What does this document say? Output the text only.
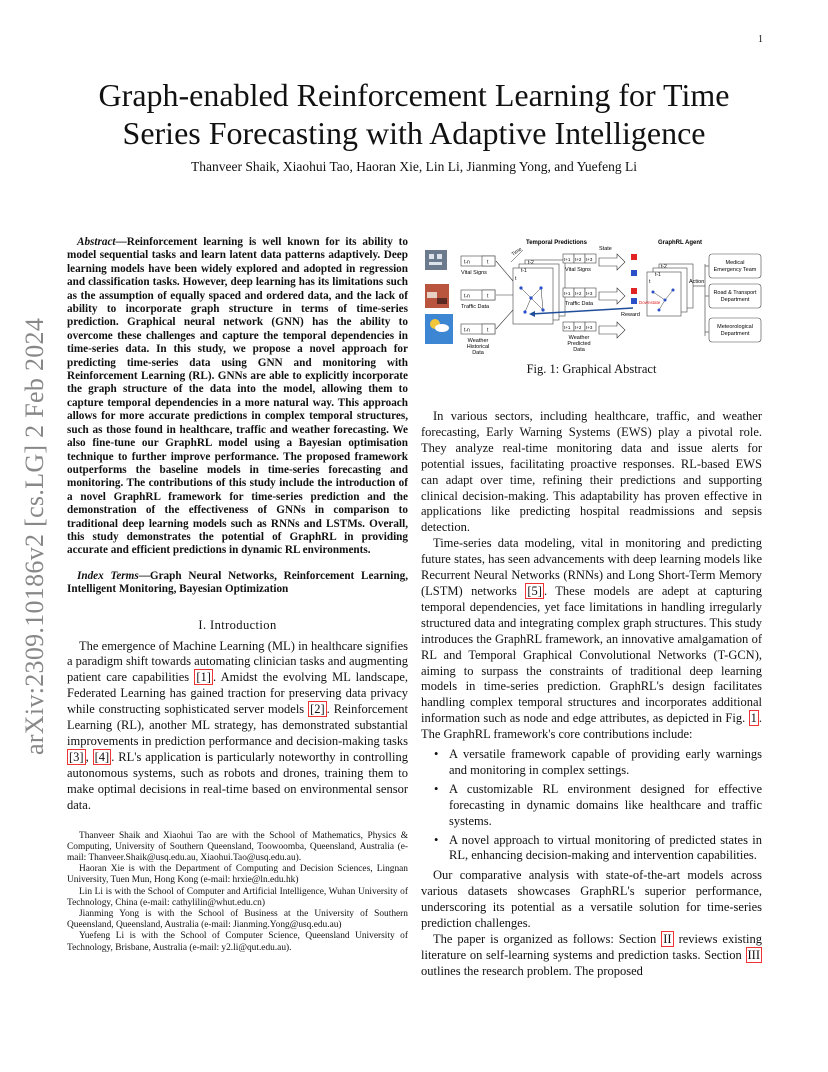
1
arXiv:2309.10186v2 [cs.LG] 2 Feb 2024
Graph-enabled Reinforcement Learning for Time
Series Forecasting with Adaptive Intelligence
Thanveer Shaik, Xiaohui Tao, Haoran Xie, Lin Li, Jianming Yong, and Yuefeng Li

Abstract—Reinforcement learning is well known for its ability to model sequential tasks and learn latent data patterns adaptively. Deep learning models have been widely explored and adopted in regression and classification tasks. However, deep learning has its limitations such as the assumption of equally spaced and ordered data, and the lack of ability to incorporate graph structure in terms of time-series prediction. Graphical neural network (GNN) has the ability to overcome these challenges and capture the temporal dependencies in time-series data. In this study, we propose a novel approach for predicting time-series data using GNN and monitoring with Reinforcement Learning (RL). GNNs are able to explicitly incorporate the graph structure of the data into the model, allowing them to capture temporal dependencies in a more natural way. This approach allows for more accurate predictions in complex temporal structures, such as those found in healthcare, traffic and weather forecasting. We also fine-tune our GraphRL model using a Bayesian optimisation technique to further improve performance. The proposed framework outperforms the baseline models in time-series forecasting and monitoring. The contributions of this study include the introduction of a novel GraphRL framework for time-series prediction and the demonstration of the effectiveness of GNNs in comparison to traditional deep learning models such as RNNs and LSTMs. Overall, this study demonstrates the potential of GraphRL in providing accurate and efficient predictions in dynamic RL environments.

Index Terms—Graph Neural Networks, Reinforcement Learning, Intelligent Monitoring, Bayesian Optimization

I. Introduction

The emergence of Machine Learning (ML) in healthcare signifies a paradigm shift towards automating clinician tasks and augmenting patient care capabilities [1] . Amidst the evolving ML landscape, Federated Learning has gained traction for preserving data privacy while constructing sophisticated server models [2] . Reinforcement Learning (RL), another ML strategy, has demonstrated substantial improvements in prediction performance and decision-making tasks [3] , [4] . RL's application is particularly noteworthy in controlling autonomous systems, such as robots and drones, training them to make optimal decisions in real-time based on environmental sensor data.

Thanveer Shaik and Xiaohui Tao are with the School of Mathematics, Physics & Computing, University of Southern Queensland, Toowoomba, Queensland, Australia (e-mail: Thanveer.Shaik@usq.edu.au, Xiaohui.Tao@usq.edu.au).

Haoran Xie is with the Department of Computing and Decision Sciences, Lingnan University, Tuen Mun, Hong Kong (e-mail: hrxie@ln.edu.hk)

Lin Li is with the School of Computer and Artificial Intelligence, Wuhan University of Technology, China (e-mail: cathylilin@whut.edu.cn)

Jianming Yong is with the School of Business at the University of Southern Queensland, Queensland, Australia (e-mail: Jianming.Yong@usq.edu.au)

Yuefeng Li is with the School of Computer Science, Queensland University of Technology, Brisbane, Australia (e-mail: y2.li@qut.edu.au).

Temporal Predictions	GraphRL Agent
t-n	t
Vital Signs
t-n	t
Traffic Data
t-n	t
Weather Historical Data
t-2
t-1
t
Time
t+1 t+2 t+3
Vital Signs
t+1 t+2 t+3
Traffic Data
t+1 t+2 t+3
Weather Predicted Data
State
Reward
t-2
t-1
t
Downstate
Action
Medical Emergency Team
Road & Transport Department
Meteorological Department
Fig. 1: Graphical Abstract

In various sectors, including healthcare, traffic, and weather forecasting, Early Warning Systems (EWS) play a pivotal role. They analyze real-time monitoring data and issue alerts for potential issues, facilitating proactive responses. RL-based EWS can adapt over time, refining their predictions and supporting clinical decision-making. This adaptability has proven effective in applications like predicting hospital readmissions and sepsis detection.

Time-series data modeling, vital in monitoring and predicting future states, has seen advancements with deep learning models like Recurrent Neural Networks (RNNs) and Long Short-Term Memory (LSTM) networks [5] . These models are adept at capturing temporal dependencies, yet face limitations in handling irregularly structured data and integrating complex graph structures. This study introduces the GraphRL framework, an innovative amalgamation of RL and Temporal Graphical Convolutional Networks (T-GCN), aiming to surpass the constraints of traditional deep learning models in time-series prediction. GraphRL's design facilitates handling complex temporal structures and incorporates additional information such as node and edge attributes, as depicted in Fig. 1 . The GraphRL framework's core contributions include:

• A versatile framework capable of providing early warnings and monitoring in complex settings.
• A customizable RL environment designed for effective forecasting in dynamic domains like healthcare and traffic systems.
• A novel approach to virtual monitoring of predicted states in RL, enhancing decision-making and intervention capabilities.

Our comparative analysis with state-of-the-art models across various datasets showcases GraphRL's superior performance, underscoring its potential as a versatile solution for time-series prediction challenges.

The paper is organized as follows: Section II reviews existing literature on self-learning systems and prediction tasks. Section III outlines the research problem. The proposed
